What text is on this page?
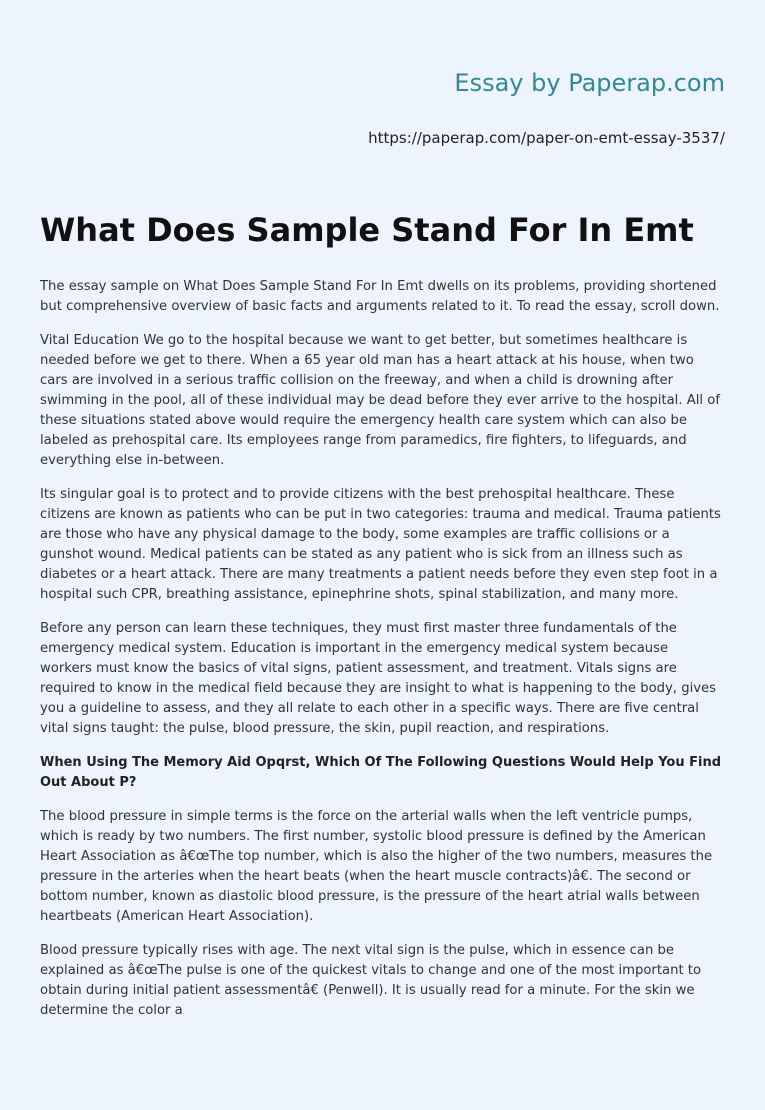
Essay by Paperap.com
https://paperap.com/paper-on-emt-essay-3537/
What Does Sample Stand For In Emt

The essay sample on What Does Sample Stand For In Emt dwells on its problems, providing shortened but comprehensive overview of basic facts and arguments related to it. To read the essay, scroll down.

Vital Education We go to the hospital because we want to get better, but sometimes healthcare is needed before we get to there. When a 65 year old man has a heart attack at his house, when two cars are involved in a serious traffic collision on the freeway, and when a child is drowning after swimming in the pool, all of these individual may be dead before they ever arrive to the hospital. All of these situations stated above would require the emergency health care system which can also be labeled as prehospital care. Its employees range from paramedics, fire fighters, to lifeguards, and everything else in-between.

Its singular goal is to protect and to provide citizens with the best prehospital healthcare. These citizens are known as patients who can be put in two categories: trauma and medical. Trauma patients are those who have any physical damage to the body, some examples are traffic collisions or a gunshot wound. Medical patients can be stated as any patient who is sick from an illness such as diabetes or a heart attack. There are many treatments a patient needs before they even step foot in a hospital such CPR, breathing assistance, epinephrine shots, spinal stabilization, and many more.

Before any person can learn these techniques, they must first master three fundamentals of the emergency medical system. Education is important in the emergency medical system because workers must know the basics of vital signs, patient assessment, and treatment. Vitals signs are required to know in the medical field because they are insight to what is happening to the body, gives you a guideline to assess, and they all relate to each other in a specific ways. There are five central vital signs taught: the pulse, blood pressure, the skin, pupil reaction, and respirations.

When Using The Memory Aid Opqrst, Which Of The Following Questions Would Help You Find Out About P?

The blood pressure in simple terms is the force on the arterial walls when the left ventricle pumps, which is ready by two numbers. The first number, systolic blood pressure is defined by the American Heart Association as â€œThe top number, which is also the higher of the two numbers, measures the pressure in the arteries when the heart beats (when the heart muscle contracts)â€. The second or bottom number, known as diastolic blood pressure, is the pressure of the heart atrial walls between heartbeats (American Heart Association).

Blood pressure typically rises with age. The next vital sign is the pulse, which in essence can be explained as â€œThe pulse is one of the quickest vitals to change and one of the most important to obtain during initial patient assessmentâ€ (Penwell). It is usually read for a minute. For the skin we determine the color a
